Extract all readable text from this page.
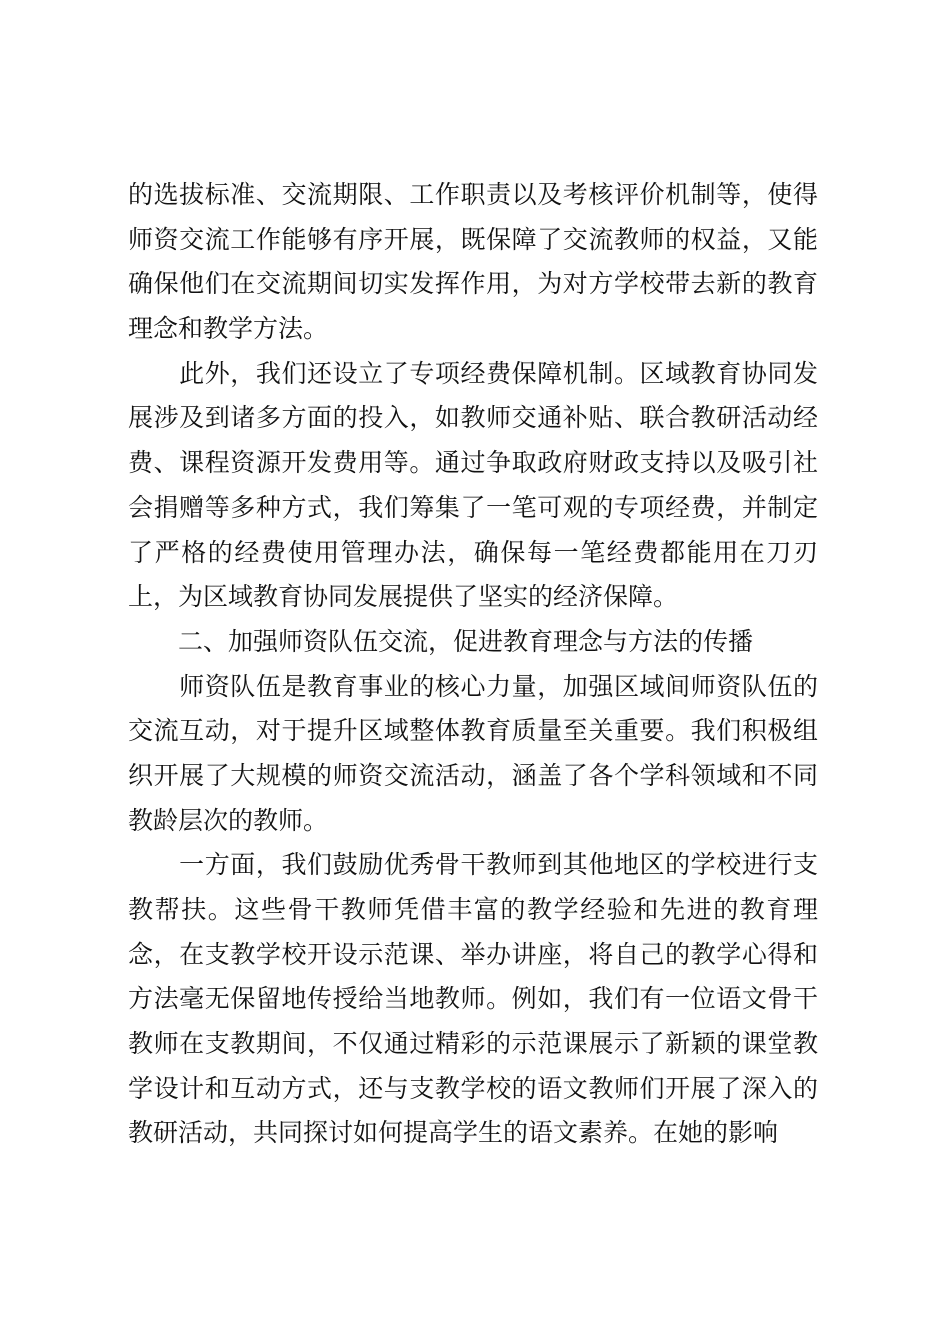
的选拔标准、交流期限、工作职责以及考核评价机制等，使得
师资交流工作能够有序开展，既保障了交流教师的权益，又能
确保他们在交流期间切实发挥作用，为对方学校带去新的教育
理念和教学方法。
　　此外，我们还设立了专项经费保障机制。区域教育协同发
展涉及到诸多方面的投入，如教师交通补贴、联合教研活动经
费、课程资源开发费用等。通过争取政府财政支持以及吸引社
会捐赠等多种方式，我们筹集了一笔可观的专项经费，并制定
了严格的经费使用管理办法，确保每一笔经费都能用在刀刃
上，为区域教育协同发展提供了坚实的经济保障。
　　二、加强师资队伍交流，促进教育理念与方法的传播
　　师资队伍是教育事业的核心力量，加强区域间师资队伍的
交流互动，对于提升区域整体教育质量至关重要。我们积极组
织开展了大规模的师资交流活动，涵盖了各个学科领域和不同
教龄层次的教师。
　　一方面，我们鼓励优秀骨干教师到其他地区的学校进行支
教帮扶。这些骨干教师凭借丰富的教学经验和先进的教育理
念，在支教学校开设示范课、举办讲座，将自己的教学心得和
方法毫无保留地传授给当地教师。例如，我们有一位语文骨干
教师在支教期间，不仅通过精彩的示范课展示了新颖的课堂教
学设计和互动方式，还与支教学校的语文教师们开展了深入的
教研活动，共同探讨如何提高学生的语文素养。在她的影响
